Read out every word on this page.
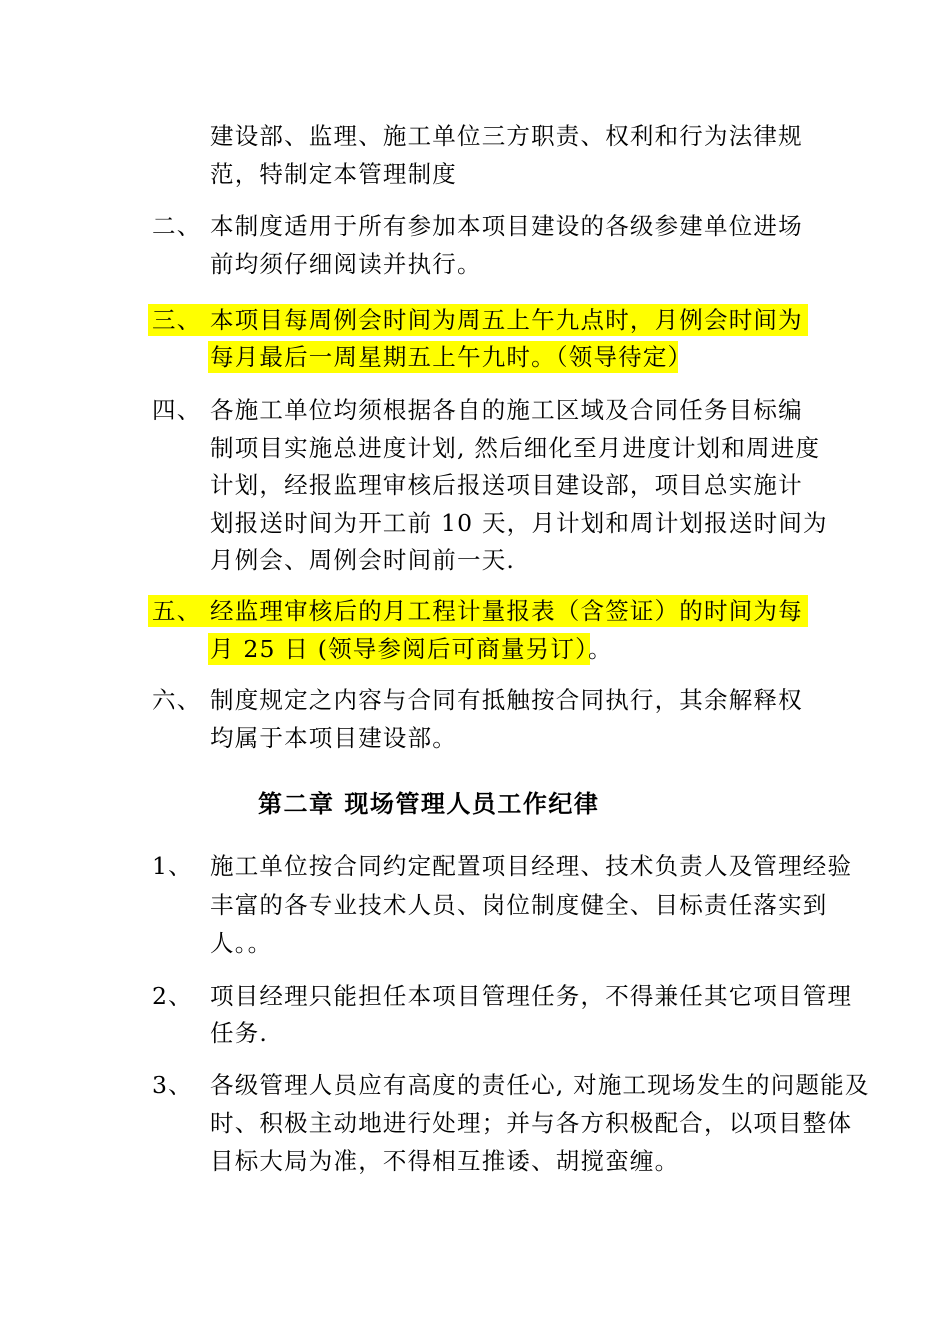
建设部、监理、施工单位三方职责、权利和行为法律规
范，特制定本管理制度
二、 本制度适用于所有参加本项目建设的各级参建单位进场
前均须仔细阅读并执行。
三、 本项目每周例会时间为周五上午九点时，月例会时间为
每月最后一周星期五上午九时。（领导待定）
四、 各施工单位均须根据各自的施工区域及合同任务目标编
制项目实施总进度计划, 然后细化至月进度计划和周进度
计划，经报监理审核后报送项目建设部，项目总实施计
划报送时间为开工前 10 天，月计划和周计划报送时间为
月例会、周例会时间前一天.
五、 经监理审核后的月工程计量报表（含签证）的时间为每
月 25 日 (领导参阅后可商量另订）。
六、 制度规定之内容与合同有抵触按合同执行，其余解释权
均属于本项目建设部。
第二章 现场管理人员工作纪律
1、 施工单位按合同约定配置项目经理、技术负责人及管理经验
丰富的各专业技术人员、岗位制度健全、目标责任落实到
人。。
2、 项目经理只能担任本项目管理任务，不得兼任其它项目管理
任务.
3、 各级管理人员应有高度的责任心, 对施工现场发生的问题能及
时、积极主动地进行处理；并与各方积极配合，以项目整体
目标大局为准，不得相互推诿、胡搅蛮缠。
